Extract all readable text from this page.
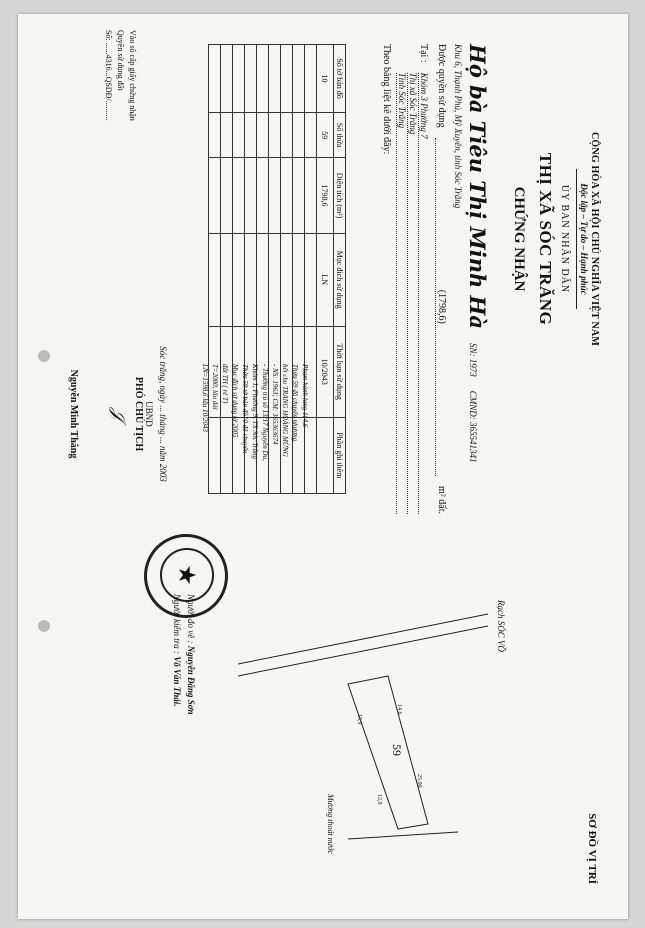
CỘNG HÒA XÃ HỘI CHỦ NGHĨA VIỆT NAM
Độc lập – Tự do – Hạnh phúc
ỦY BAN NHÂN DÂN
THỊ XÃ SÓC TRĂNG
CHỨNG NHẬN
Hộ bà Tiêu Thị Minh Hà
SN: 1973
CMND: 365541341
Khu 6, Thạnh Phú, Mỹ Xuyên, tỉnh Sóc Trăng
Được quyền sử dụng
(1798,6)
m² đất.
Tại :
Khóm 3 Phường 7
Thị xã Sóc Trăng
Tỉnh Sóc Trăng
Theo bảng liệt kê dưới đây:
Số tờ bản đồ	Số thửa	Diện tích (m²)	Mục đích sử dụng	Thời hạn sử dụng	Phần ghi thêm
10	59	1798,6	LN	10/2043	

Phạm hành lang 114,6
Thửa 59 đã chuyển nhượng
hết cho TRANG HOÀNG MỪNG
- NS: 1963; CM: 365363674
- Thường trú số 13/17 Nguyễn Du,
Khóm 1, Phường 9, TX Sóc Trăng
Thửa 59 tờ bản đồ10 đã chuyển
Mục đích sử dụng từ 2005
đất TH ( rẻ T)
T=2000, lâu dài
LN=1598,6 lâu 10/2043
Vào số cấp giấy chứng nhận
Quyền sử dụng đất
Số: ......4316...QSDĐ/..........
Sóc trăng, ngày ... tháng ... năm 2003
UBND
PHÓ CHỦ TỊCH
𝒥
Nguyễn Minh Thắng
★
SƠ ĐỒ VỊ TRÍ
Rạch SÓC VỒ
59
14,6
15,9
25,00
12,9
Mương thoát nước
Người đo vẽ : Nguyễn Đăng Sơn
Người kiểm tra : Võ Văn Thái.
